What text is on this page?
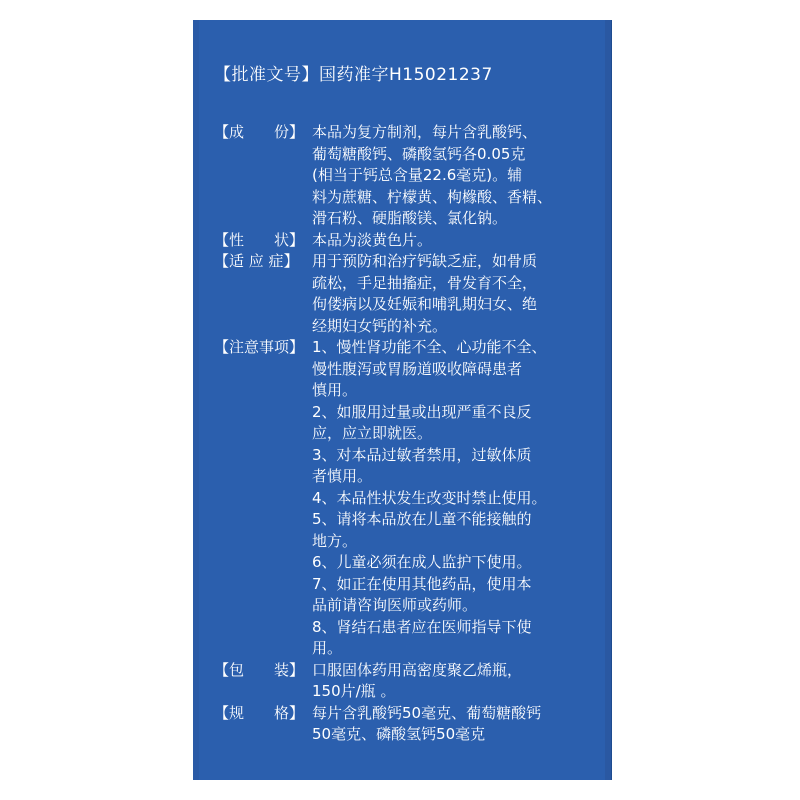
【批准文号】国药准字H15021237
【成　　份】 本品为复方制剂，每片含乳酸钙、
葡萄糖酸钙、磷酸氢钙各0.05克
(相当于钙总含量22.6毫克)。辅
料为蔗糖、柠檬黄、枸橼酸、香精、
滑石粉、硬脂酸镁、氯化钠。
【性　　状】 本品为淡黄色片。
【适 应 症】 用于预防和治疗钙缺乏症，如骨质
疏松，手足抽搐症，骨发育不全，
佝偻病以及妊娠和哺乳期妇女、绝
经期妇女钙的补充。
【注意事项】 1、慢性肾功能不全、心功能不全、
慢性腹泻或胃肠道吸收障碍患者
慎用。
2、如服用过量或出现严重不良反
应，应立即就医。
3、对本品过敏者禁用，过敏体质
者慎用。
4、本品性状发生改变时禁止使用。
5、请将本品放在儿童不能接触的
地方。
6、儿童必须在成人监护下使用。
7、如正在使用其他药品，使用本
品前请咨询医师或药师。
8、肾结石患者应在医师指导下使
用。
【包　　装】 口服固体药用高密度聚乙烯瓶，
150片/瓶 。
【规　　格】 每片含乳酸钙50毫克、葡萄糖酸钙
50毫克、磷酸氢钙50毫克
